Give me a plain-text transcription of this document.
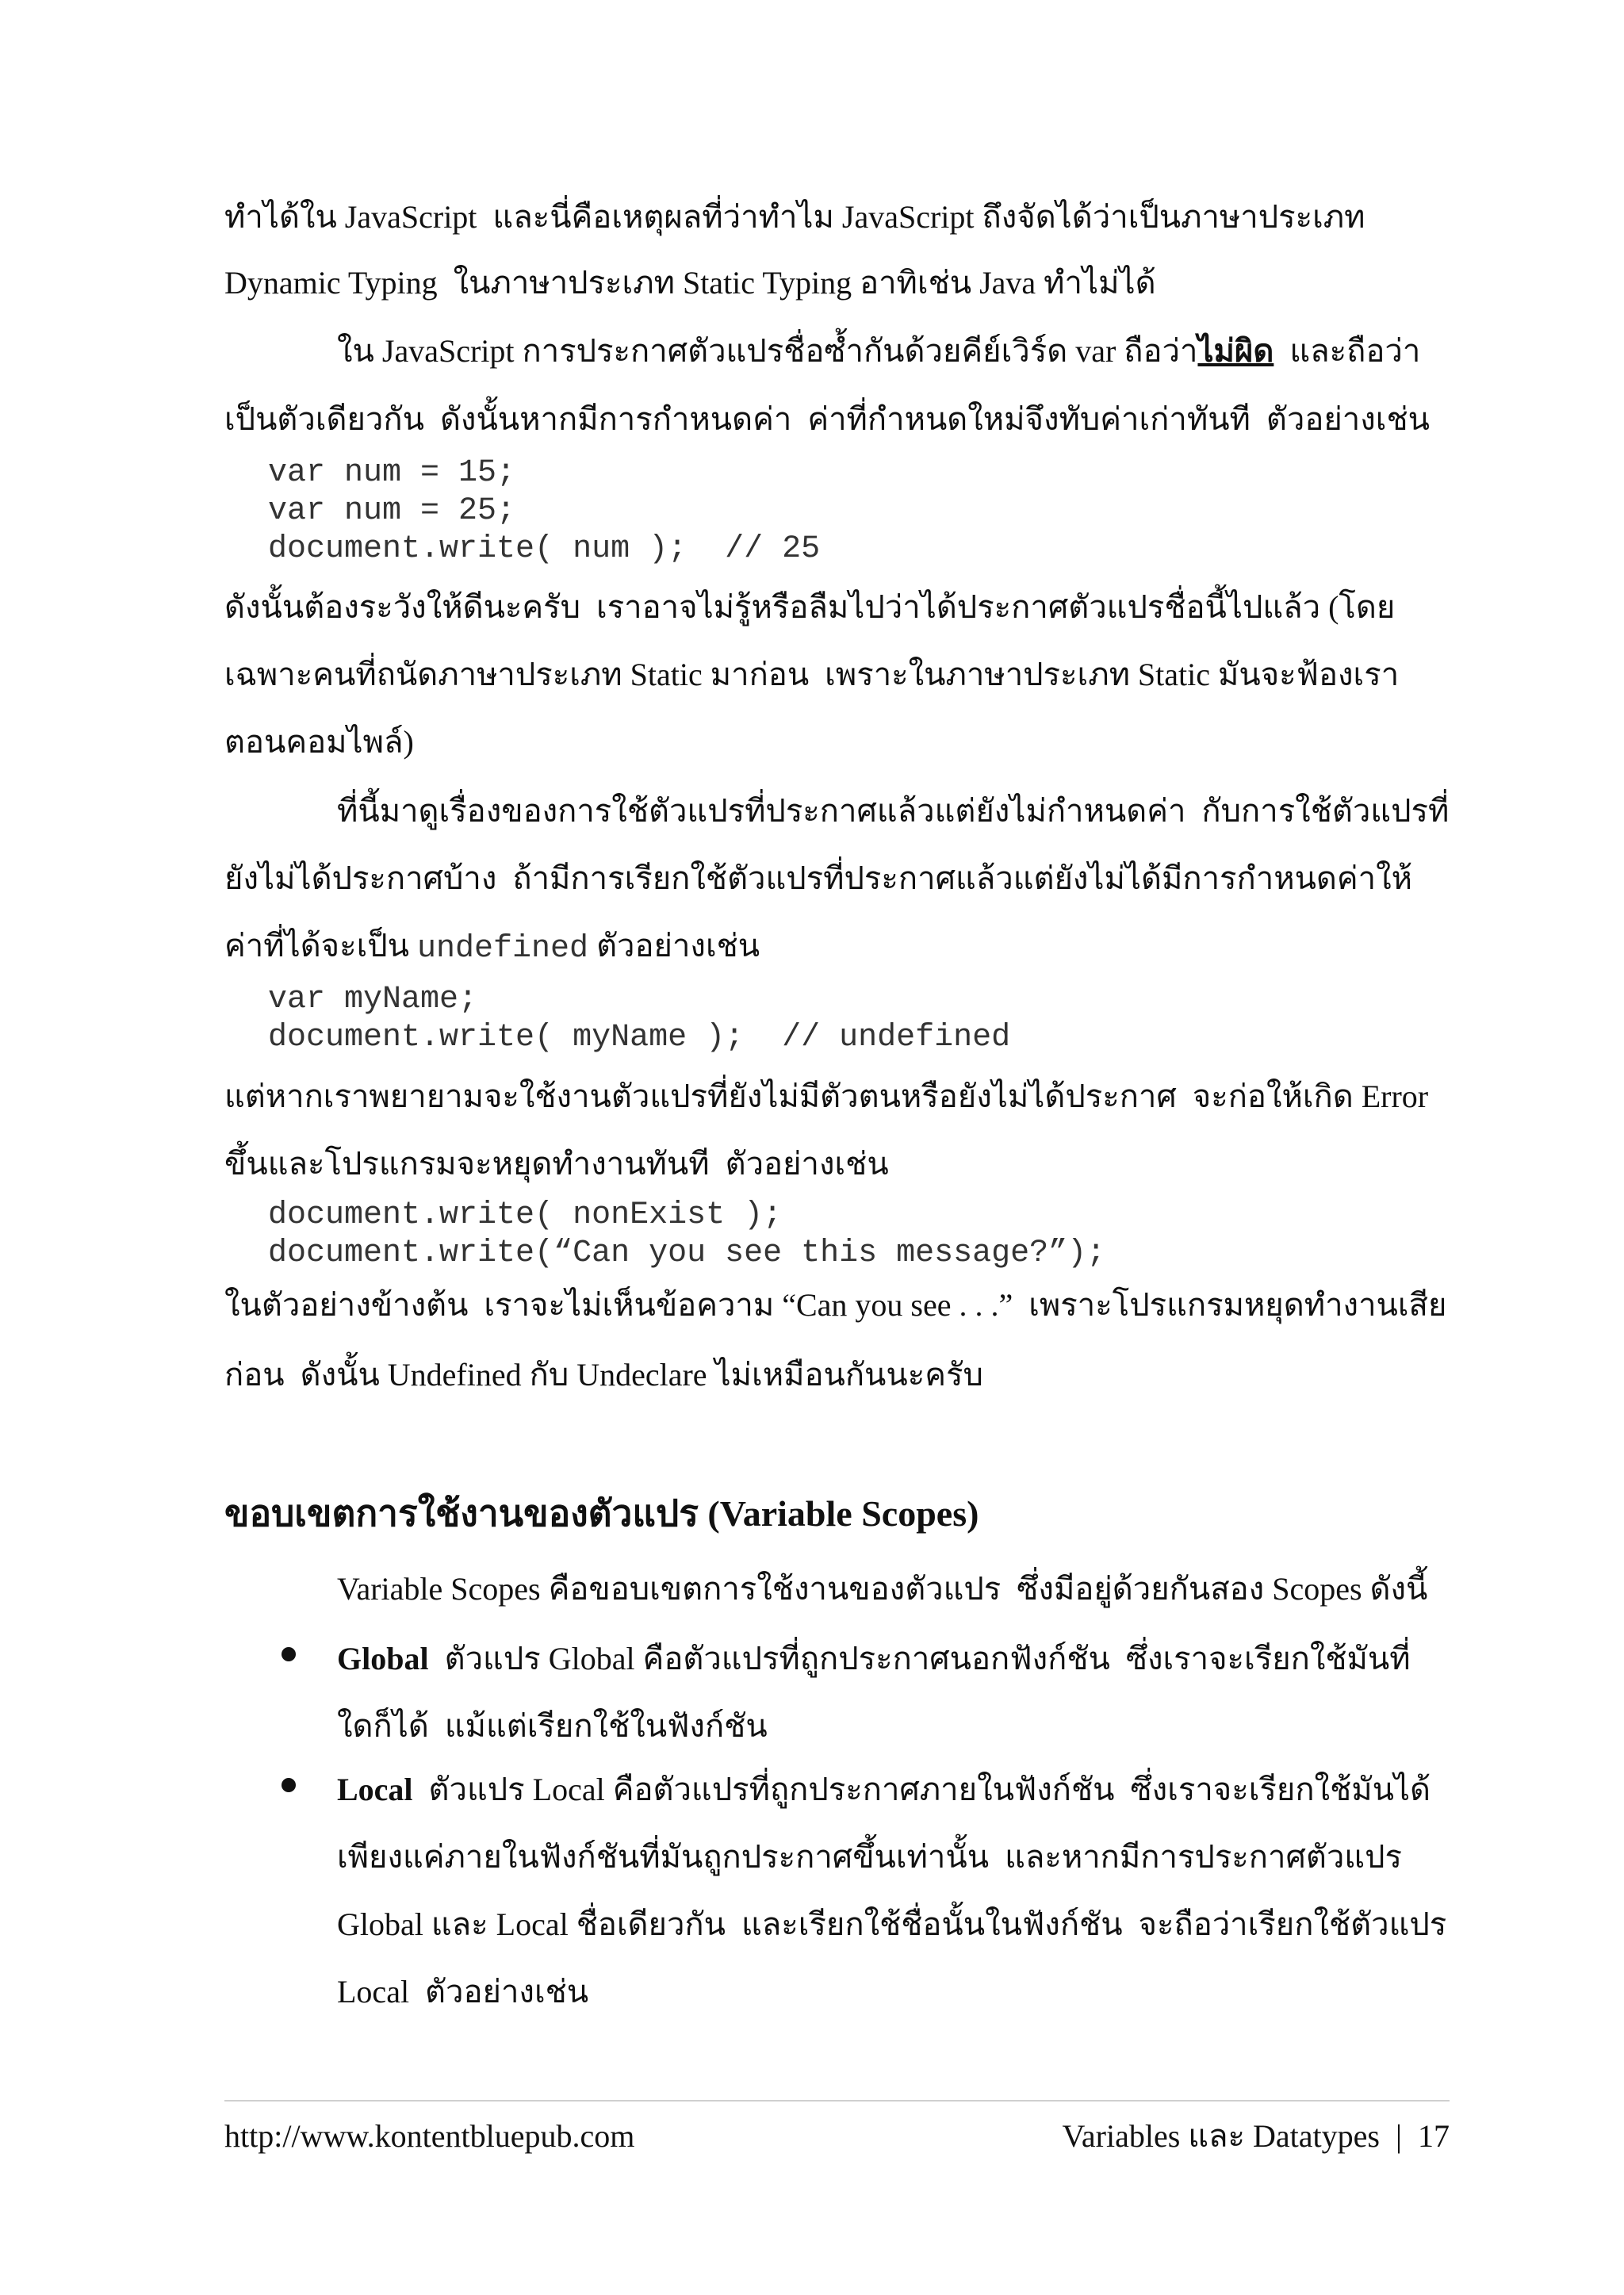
ทำได้ใน JavaScript  และนี่คือเหตุผลที่ว่าทำไม JavaScript ถึงจัดได้ว่าเป็นภาษาประเภท
Dynamic Typing  ในภาษาประเภท Static Typing อาทิเช่น Java ทำไม่ได้
ใน JavaScript การประกาศตัวแปรชื่อซ้ำกันด้วยคีย์เวิร์ด var ถือว่าไม่ผิด  และถือว่า
เป็นตัวเดียวกัน  ดังนั้นหากมีการกำหนดค่า  ค่าที่กำหนดใหม่จึงทับค่าเก่าทันที  ตัวอย่างเช่น
var num = 15;
var num = 25;
document.write( num );  // 25
ดังนั้นต้องระวังให้ดีนะครับ  เราอาจไม่รู้หรือลืมไปว่าได้ประกาศตัวแปรชื่อนี้ไปแล้ว (โดย
เฉพาะคนที่ถนัดภาษาประเภท Static มาก่อน  เพราะในภาษาประเภท Static มันจะฟ้องเรา
ตอนคอมไพล์)
ที่นี้มาดูเรื่องของการใช้ตัวแปรที่ประกาศแล้วแต่ยังไม่กำหนดค่า  กับการใช้ตัวแปรที่
ยังไม่ได้ประกาศบ้าง  ถ้ามีการเรียกใช้ตัวแปรที่ประกาศแล้วแต่ยังไม่ได้มีการกำหนดค่าให้
ค่าที่ได้จะเป็น undefined ตัวอย่างเช่น
var myName;
document.write( myName );  // undefined
แต่หากเราพยายามจะใช้งานตัวแปรที่ยังไม่มีตัวตนหรือยังไม่ได้ประกาศ  จะก่อให้เกิด Error
ขึ้นและโปรแกรมจะหยุดทำงานทันที  ตัวอย่างเช่น
document.write( nonExist );
document.write(“Can you see this message?”);
ในตัวอย่างข้างต้น  เราจะไม่เห็นข้อความ “Can you see . . .”  เพราะโปรแกรมหยุดทำงานเสีย
ก่อน  ดังนั้น Undefined กับ Undeclare ไม่เหมือนกันนะครับ
ขอบเขตการใช้งานของตัวแปร (Variable Scopes)
Variable Scopes คือขอบเขตการใช้งานของตัวแปร  ซึ่งมีอยู่ด้วยกันสอง Scopes ดังนี้
Global  ตัวแปร Global คือตัวแปรที่ถูกประกาศนอกฟังก์ชัน  ซึ่งเราจะเรียกใช้มันที่
ใดก็ได้  แม้แต่เรียกใช้ในฟังก์ชัน
Local  ตัวแปร Local คือตัวแปรที่ถูกประกาศภายในฟังก์ชัน  ซึ่งเราจะเรียกใช้มันได้
เพียงแค่ภายในฟังก์ชันที่มันถูกประกาศขึ้นเท่านั้น  และหากมีการประกาศตัวแปร
Global และ Local ชื่อเดียวกัน  และเรียกใช้ชื่อนั้นในฟังก์ชัน  จะถือว่าเรียกใช้ตัวแปร
Local  ตัวอย่างเช่น
http://www.kontentbluepub.com	Variables และ Datatypes | 17
